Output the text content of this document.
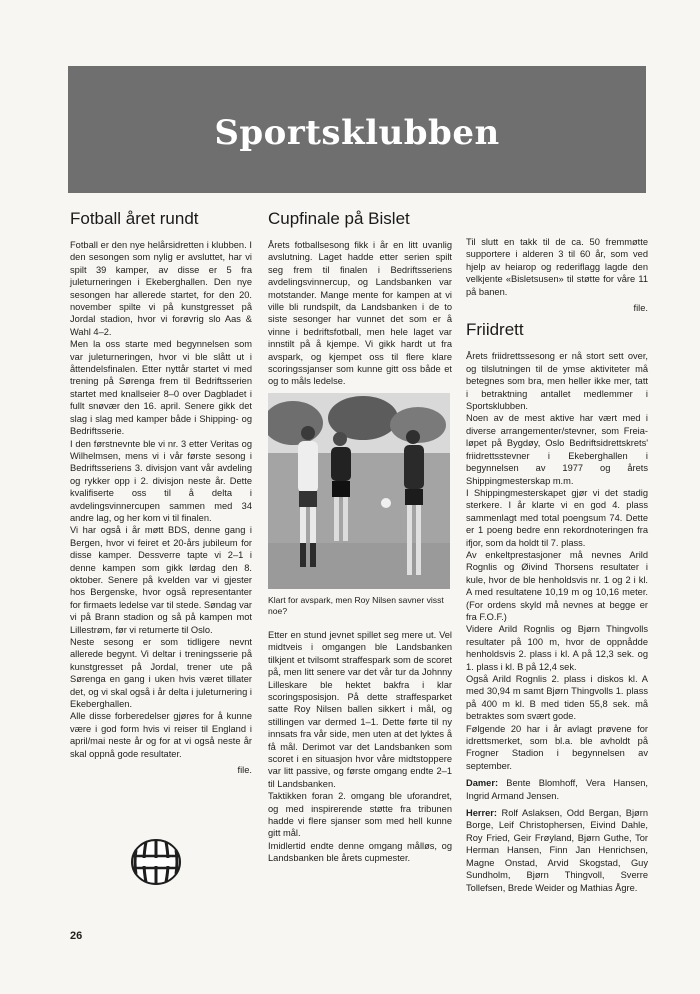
Sportsklubben
Fotball året rundt

Fotball er den nye helårsidretten i klubben. I den sesongen som nylig er avsluttet, har vi spilt 39 kamper, av disse er 5 fra juleturneringen i Ekeberghallen. Den nye sesongen har allerede startet, for den 20. november spilte vi på kunstgresset på Jordal stadion, hvor vi forøvrig slo Aas & Wahl 4–2.

Men la oss starte med begynnelsen som var juleturneringen, hvor vi ble slått ut i åttendelsfinalen. Etter nyttår startet vi med trening på Sørenga frem til Bedriftsserien startet med knallseier 8–0 over Dagbladet i fullt snøvær den 16. april. Senere gikk det slag i slag med kamper både i Shipping- og Bedriftsserie.

I den førstnevnte ble vi nr. 3 etter Veritas og Wilhelmsen, mens vi i vår første sesong i Bedriftsseriens 3. divisjon vant vår avdeling og rykker opp i 2. divisjon neste år. Dette kvalifiserte oss til å delta i avdelingsvinnercupen sammen med 34 andre lag, og her kom vi til finalen.

Vi har også i år møtt BDS, denne gang i Bergen, hvor vi feiret et 20-års jubileum for disse kamper. Dessverre tapte vi 2–1 i denne kampen som gikk lørdag den 8. oktober. Senere på kvelden var vi gjester hos Bergenske, hvor også representanter for firmaets ledelse var til stede. Søndag var vi på Brann stadion og så på kampen mot Lillestrøm, før vi returnerte til Oslo.

Neste sesong er som tidligere nevnt allerede begynt. Vi deltar i treningsserie på kunstgresset på Jordal, trener ute på Sørenga en gang i uken hvis været tillater det, og vi skal også i år delta i juleturnering i Ekeberghallen.

Alle disse forberedelser gjøres for å kunne være i god form hvis vi reiser til England i april/mai neste år og for at vi også neste år skal oppnå gode resultater.

file.

Cupfinale på Bislet

Årets fotballsesong fikk i år en litt uvanlig avslutning. Laget hadde etter serien spilt seg frem til finalen i Bedriftsseriens avdelingsvinnercup, og Landsbanken var motstander. Mange mente for kampen at vi ville bli rundspilt, da Landsbanken i de to siste sesonger har vunnet det som er å vinne i bedriftsfotball, men hele laget var innstilt på å kjempe. Vi gikk hardt ut fra avspark, og kjempet oss til flere klare scoringssjanser som kunne gitt oss både et og to måls ledelse.

Klart for avspark, men Roy Nilsen savner visst noe?

Etter en stund jevnet spillet seg mere ut. Vel midtveis i omgangen ble Landsbanken tilkjent et tvilsomt straffespark som de scoret på, men litt senere var det vår tur da Johnny Lilleskare ble hektet bakfra i klar scoringsposisjon. På dette straffesparket satte Roy Nilsen ballen sikkert i mål, og stillingen var dermed 1–1. Dette førte til ny innsats fra vår side, men uten at det lyktes å få mål. Derimot var det Landsbanken som scoret i en situasjon hvor våre midtstoppere var litt passive, og første omgang endte 2–1 til Landsbanken.

Taktikken foran 2. omgang ble uforandret, og med inspirerende støtte fra tribunen hadde vi flere sjanser som med hell kunne gitt mål.

Imidlertid endte denne omgang målløs, og Landsbanken ble årets cupmester.

Til slutt en takk til de ca. 50 fremmøtte supportere i alderen 3 til 60 år, som ved hjelp av heiarop og rederiflagg lagde den velkjente «Bisletsusen» til støtte for våre 11 på banen.

file.

Friidrett

Årets friidrettssesong er nå stort sett over, og tilslutningen til de ymse aktiviteter må betegnes som bra, men heller ikke mer, tatt i betraktning antallet medlemmer i Sportsklubben.

Noen av de mest aktive har vært med i diverse arrangementer/stevner, som Freia-løpet på Bygdøy, Oslo Bedriftsidrettskrets' friidrettsstevner i Ekeberghallen i begynnelsen av 1977 og årets Shippingmesterskap m.m.

I Shippingmesterskapet gjør vi det stadig sterkere. I år klarte vi en god 4. plass sammenlagt med total poengsum 74. Dette er 1 poeng bedre enn rekordnoteringen fra ifjor, som da holdt til 7. plass.

Av enkeltprestasjoner må nevnes Arild Rognlis og Øivind Thorsens resultater i kule, hvor de ble henholdsvis nr. 1 og 2 i kl. A med resultatene 10,19 m og 10,16 meter. (For ordens skyld må nevnes at begge er fra F.O.F.)

Videre Arild Rognlis og Bjørn Thingvolls resultater på 100 m, hvor de oppnådde henholdsvis 2. plass i kl. A på 12,3 sek. og 1. plass i kl. B på 12,4 sek.

Også Arild Rognlis 2. plass i diskos kl. A med 30,94 m samt Bjørn Thingvolls 1. plass på 400 m kl. B med tiden 55,8 sek. må betraktes som svært gode.

Følgende 20 har i år avlagt prøvene for idrettsmerket, som bl.a. ble avholdt på Frogner Stadion i begynnelsen av september.

Damer: Bente Blomhoff, Vera Hansen, Ingrid Armand Jensen.

Herrer: Rolf Aslaksen, Odd Bergan, Bjørn Borge, Leif Christophersen, Eivind Dahle, Roy Fried, Geir Frøyland, Bjørn Guthe, Tor Herman Hansen, Finn Jan Henrichsen, Magne Onstad, Arvid Skogstad, Guy Sundholm, Bjørn Thingvoll, Sverre Tollefsen, Brede Weider og Mathias Ågre.

26
